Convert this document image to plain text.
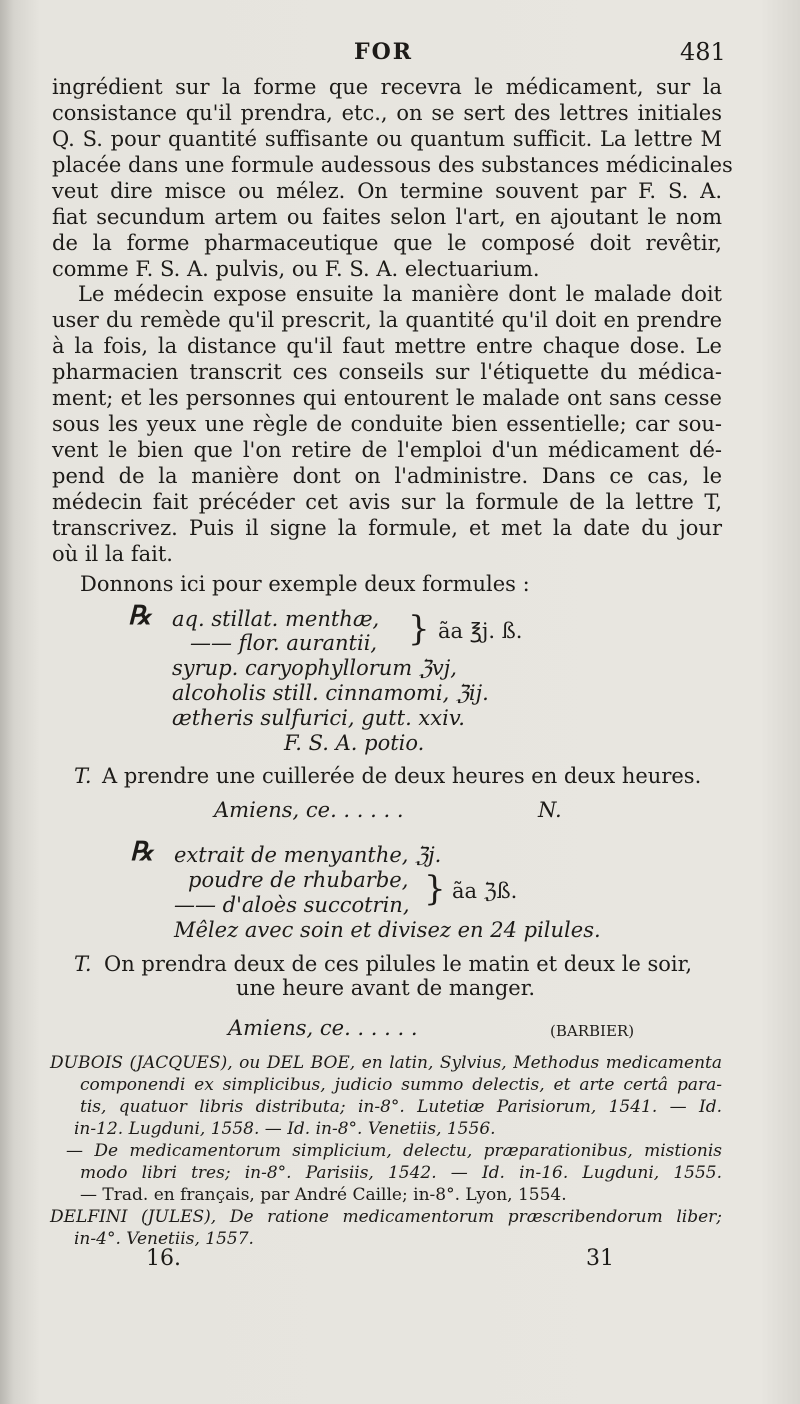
FOR	481
ingrédient sur la forme que recevra le médicament, sur la
consistance qu'il prendra, etc., on se sert des lettres initiales
Q. S. pour quantité suffisante ou quantum sufficit. La lettre M
placée dans une formule audessous des substances médicinales
veut dire misce ou mélez. On termine souvent par F. S. A.
fiat secundum artem ou faites selon l'art, en ajoutant le nom
de la forme pharmaceutique que le composé doit revêtir,
comme F. S. A. pulvis, ou F. S. A. electuarium.
Le médecin expose ensuite la manière dont le malade doit
user du remède qu'il prescrit, la quantité qu'il doit en prendre
à la fois, la distance qu'il faut mettre entre chaque dose. Le
pharmacien transcrit ces conseils sur l'étiquette du médica-
ment; et les personnes qui entourent le malade ont sans cesse
sous les yeux une règle de conduite bien essentielle; car sou-
vent le bien que l'on retire de l'emploi d'un médicament dé-
pend de la manière dont on l'administre. Dans ce cas, le
médecin fait précéder cet avis sur la formule de la lettre T,
transcrivez. Puis il signe la formule, et met la date du jour
où il la fait.
Donnons ici pour exemple deux formules :
℞ aq. stillat. menthæ,
—— flor. aurantii, } ãa ℥j. ß.
syrup. caryophyllorum ℨvj,
alcoholis still. cinnamomi, ℨij.
ætheris sulfurici, gutt. xxiv.
F. S. A. potio.
T. A prendre une cuillerée de deux heures en deux heures.
Amiens, ce. . . . . .	N.
℞ extrait de menyanthe, ℨj.
poudre de rhubarbe,
—— d'aloès succotrin, } ãa ℨß.
Mêlez avec soin et divisez en 24 pilules.
T. On prendra deux de ces pilules le matin et deux le soir,
une heure avant de manger.
Amiens, ce. . . . . .	(BARBIER)
DUBOIS (JACQUES), ou DEL BOE, en latin, Sylvius, Methodus medicamenta
componendi ex simplicibus, judicio summo delectis, et arte certâ para-
tis, quatuor libris distributa; in-8°. Lutetiæ Parisiorum, 1541. — Id.
in-12. Lugduni, 1558. — Id. in-8°. Venetiis, 1556.
— De medicamentorum simplicium, delectu, præparationibus, mistionis
modo libri tres; in-8°. Parisiis, 1542. — Id. in-16. Lugduni, 1555.
— Trad. en français, par André Caille; in-8°. Lyon, 1554.
DELFINI (JULES), De ratione medicamentorum præscribendorum liber;
in-4°. Venetiis, 1557.
16.	31
